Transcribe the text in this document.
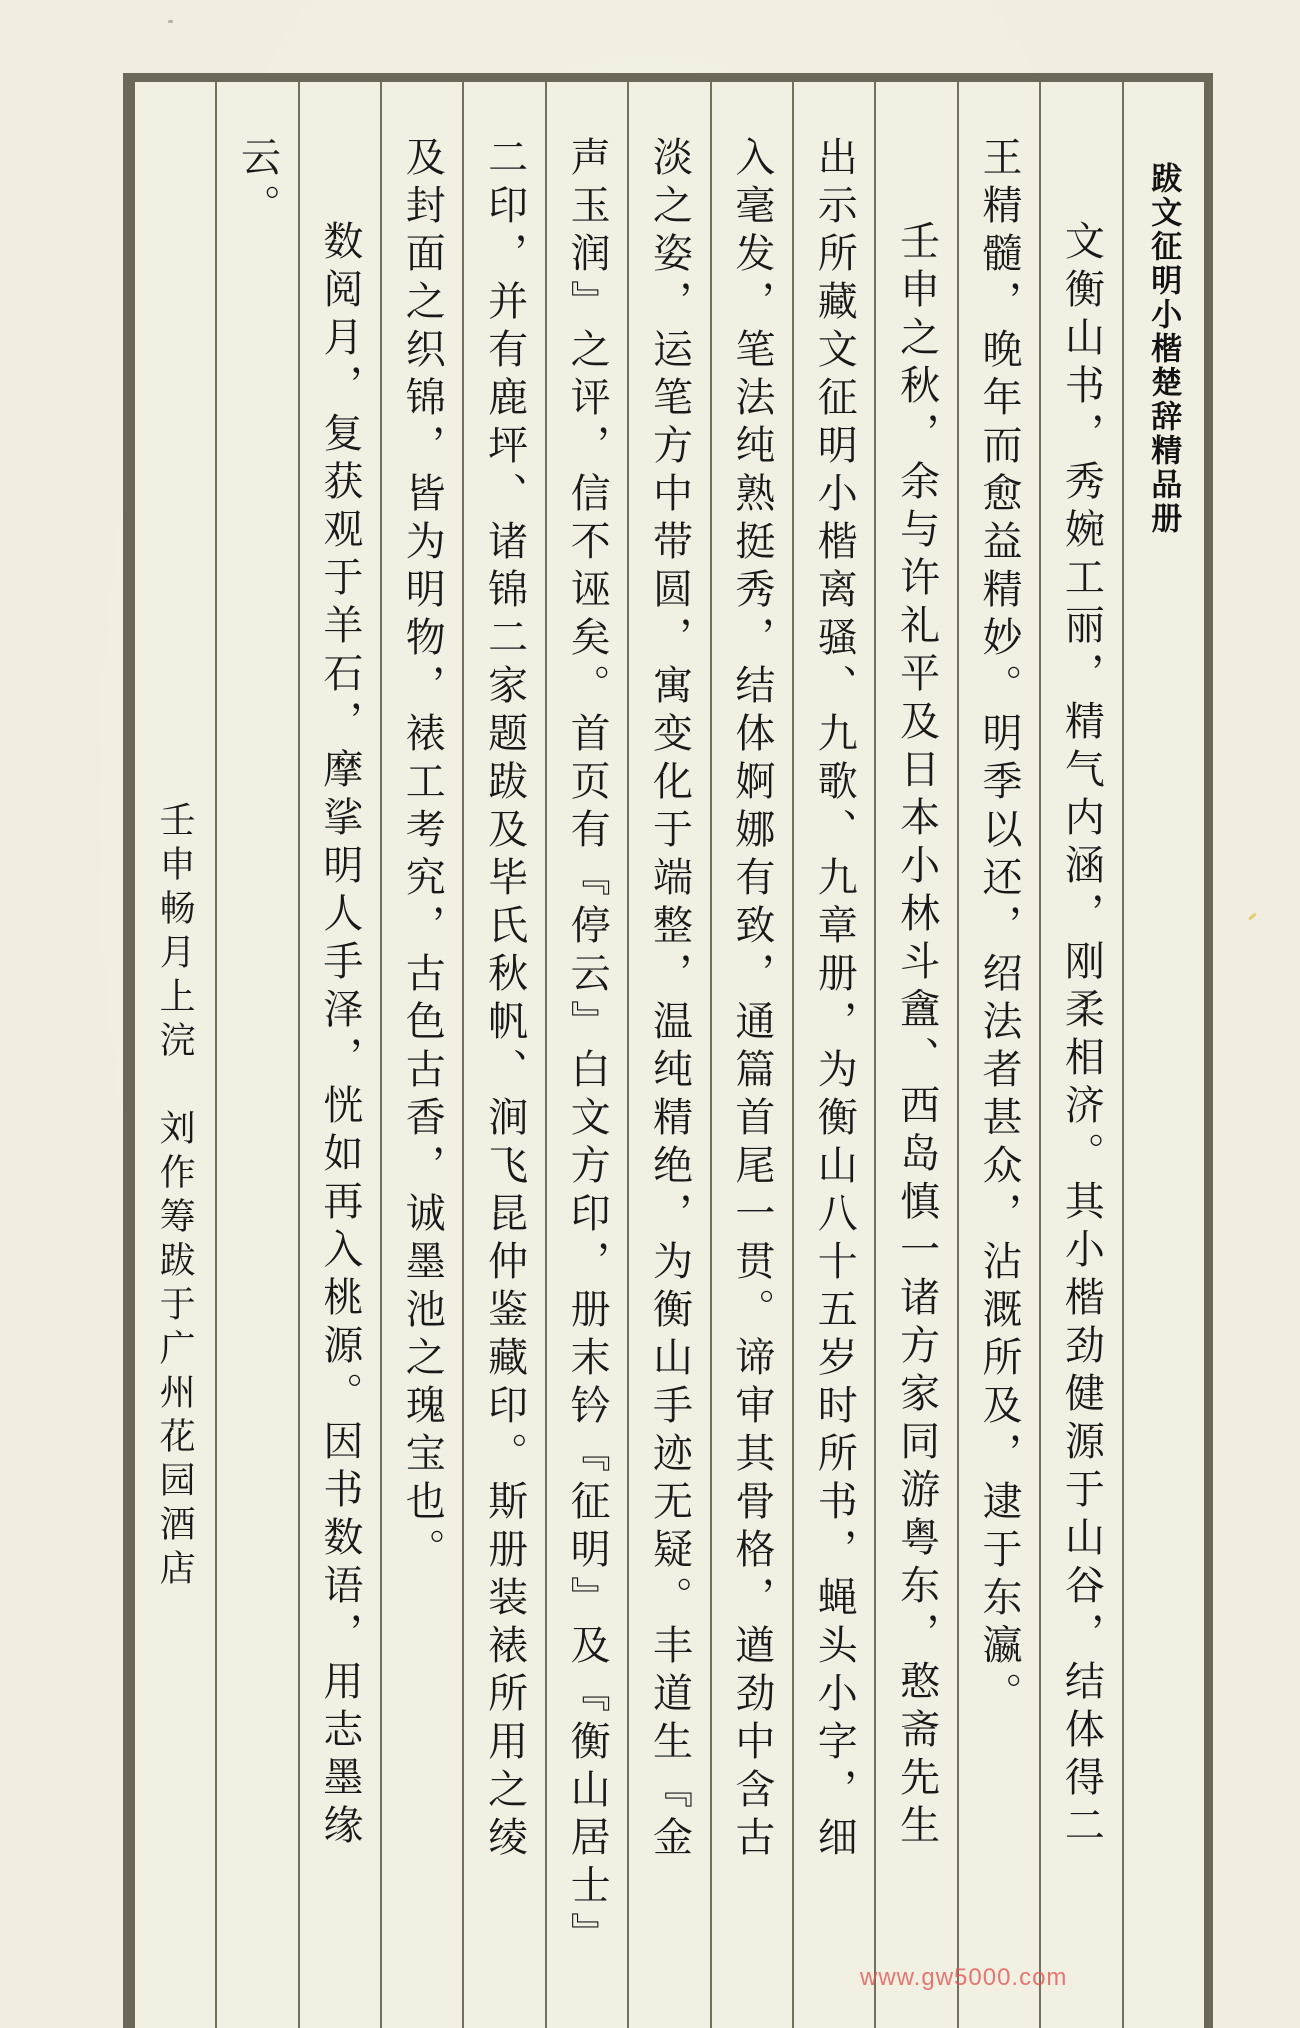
跋文征明小楷楚辞精品册
文衡山书，秀婉工丽，精气内涵，刚柔相济。其小楷劲健源于山谷，结体得二
王精髓，晚年而愈益精妙。明季以还，绍法者甚众，沾溉所及，逮于东瀛。
壬申之秋，余与许礼平及日本小林斗盦、西岛慎一诸方家同游粤东，憨斋先生
出示所藏文征明小楷离骚、九歌、九章册，为衡山八十五岁时所书，蝇头小字，细
入毫发，笔法纯熟挺秀，结体婀娜有致，通篇首尾一贯。谛审其骨格，遒劲中含古
淡之姿，运笔方中带圆，寓变化于端整，温纯精绝，为衡山手迹无疑。丰道生『金
声玉润』之评，信不诬矣。首页有『停云』白文方印，册末钤『征明』及『衡山居士』
二印，并有鹿坪、诸锦二家题跋及毕氏秋帆、涧飞昆仲鉴藏印。斯册装裱所用之绫
及封面之织锦，皆为明物，裱工考究，古色古香，诚墨池之瑰宝也。
数阅月，复获观于羊石，摩挲明人手泽，恍如再入桃源。因书数语，用志墨缘
云。
壬申畅月上浣　刘作筹跋于广州花园酒店
www.gw5000.com
